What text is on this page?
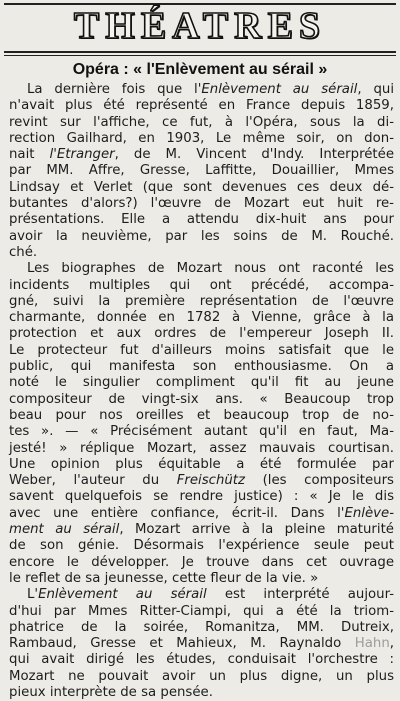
THÉATRES
Opéra : « l'Enlèvement au sérail »
La dernière fois que l'Enlèvement au sérail, qui
n'avait plus été représenté en France depuis 1859,
revint sur l'affiche, ce fut, à l'Opéra, sous la di-
rection Gailhard, en 1903, Le même soir, on don-
nait l'Etranger, de M. Vincent d'Indy. Interprétée
par MM. Affre, Gresse, Laffitte, Douaillier, Mmes
Lindsay et Verlet (que sont devenues ces deux dé-
butantes d'alors?) l'œuvre de Mozart eut huit re-
présentations. Elle a attendu dix-huit ans pour
avoir la neuvième, par les soins de M. Rouché.
ché.
Les biographes de Mozart nous ont raconté les
incidents multiples qui ont précédé, accompa-
gné, suivi la première représentation de l'œuvre
charmante, donnée en 1782 à Vienne, grâce à la
protection et aux ordres de l'empereur Joseph II.
Le protecteur fut d'ailleurs moins satisfait que le
public, qui manifesta son enthousiasme. On a
noté le singulier compliment qu'il fit au jeune
compositeur de vingt-six ans. « Beaucoup trop
beau pour nos oreilles et beaucoup trop de no-
tes ». — « Précisément autant qu'il en faut, Ma-
jesté! » réplique Mozart, assez mauvais courtisan.
Une opinion plus équitable a été formulée par
Weber, l'auteur du Freischütz (les compositeurs
savent quelquefois se rendre justice) : « Je le dis
avec une entière confiance, écrit-il. Dans l'Enlève-
ment au sérail, Mozart arrive à la pleine maturité
de son génie. Désormais l'expérience seule peut
encore le développer. Je trouve dans cet ouvrage
le reflet de sa jeunesse, cette fleur de la vie. »
L'Enlèvement au sérail est interprété aujour-
d'hui par Mmes Ritter-Ciampi, qui a été la triom-
phatrice de la soirée, Romanitza, MM. Dutreix,
Rambaud, Gresse et Mahieux, M. Raynaldo Hahn,
qui avait dirigé les études, conduisait l'orchestre :
Mozart ne pouvait avoir un plus digne, un plus
pieux interprète de sa pensée.
